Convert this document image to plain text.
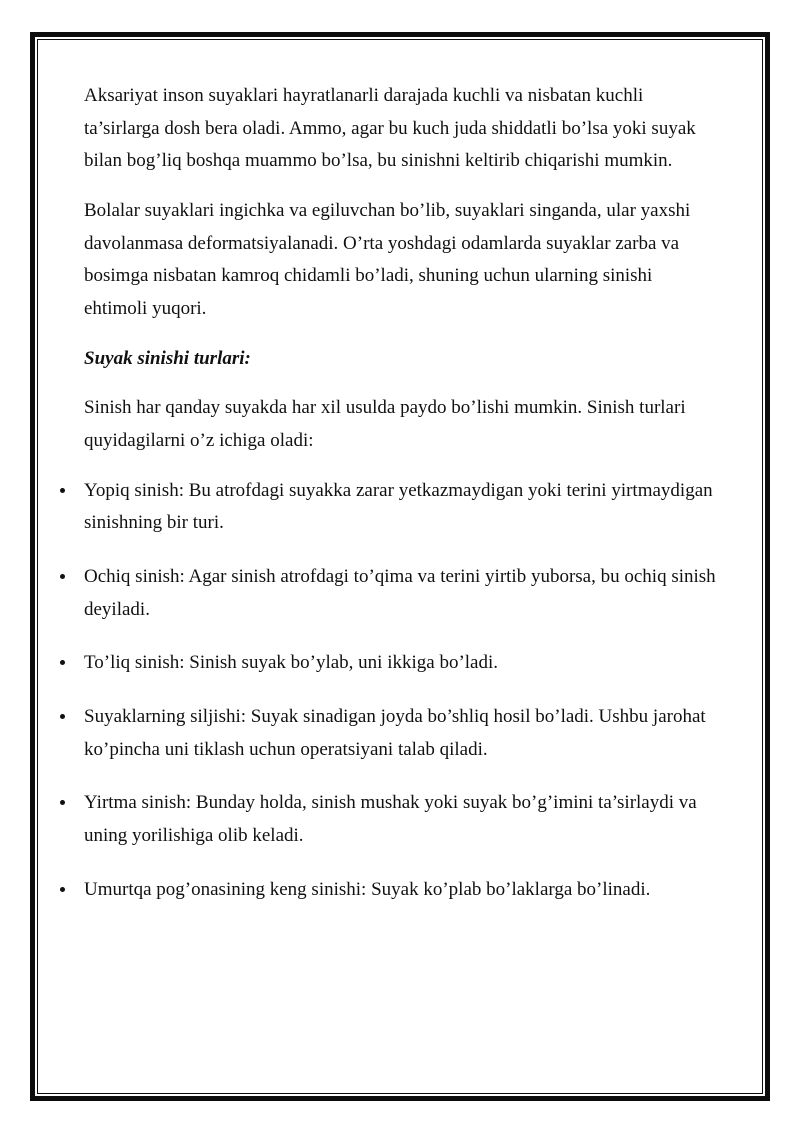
Aksariyat inson suyaklari hayratlanarli darajada kuchli va nisbatan kuchli ta’sirlarga dosh bera oladi. Ammo, agar bu kuch juda shiddatli bo’lsa yoki suyak bilan bog’liq boshqa muammo bo’lsa, bu sinishni keltirib chiqarishi mumkin.

Bolalar suyaklari ingichka va egiluvchan bo’lib, suyaklari singanda, ular yaxshi davolanmasa deformatsiyalanadi. O’rta yoshdagi odamlarda suyaklar zarba va bosimga nisbatan kamroq chidamli bo’ladi, shuning uchun ularning sinishi ehtimoli yuqori.

Suyak sinishi turlari:

Sinish har qanday suyakda har xil usulda paydo bo’lishi mumkin. Sinish turlari quyidagilarni o’z ichiga oladi:

Yopiq sinish: Bu atrofdagi suyakka zarar yetkazmaydigan yoki terini yirtmaydigan sinishning bir turi.
Ochiq sinish: Agar sinish atrofdagi to’qima va terini yirtib yuborsa, bu ochiq sinish deyiladi.
To’liq sinish: Sinish suyak bo’ylab, uni ikkiga bo’ladi.
Suyaklarning siljishi: Suyak sinadigan joyda bo’shliq hosil bo’ladi. Ushbu jarohat ko’pincha uni tiklash uchun operatsiyani talab qiladi.
Yirtma sinish: Bunday holda, sinish mushak yoki suyak bo’g’imini ta’sirlaydi va uning yorilishiga olib keladi.
Umurtqa pog’onasining keng sinishi: Suyak ko’plab bo’laklarga bo’linadi.
